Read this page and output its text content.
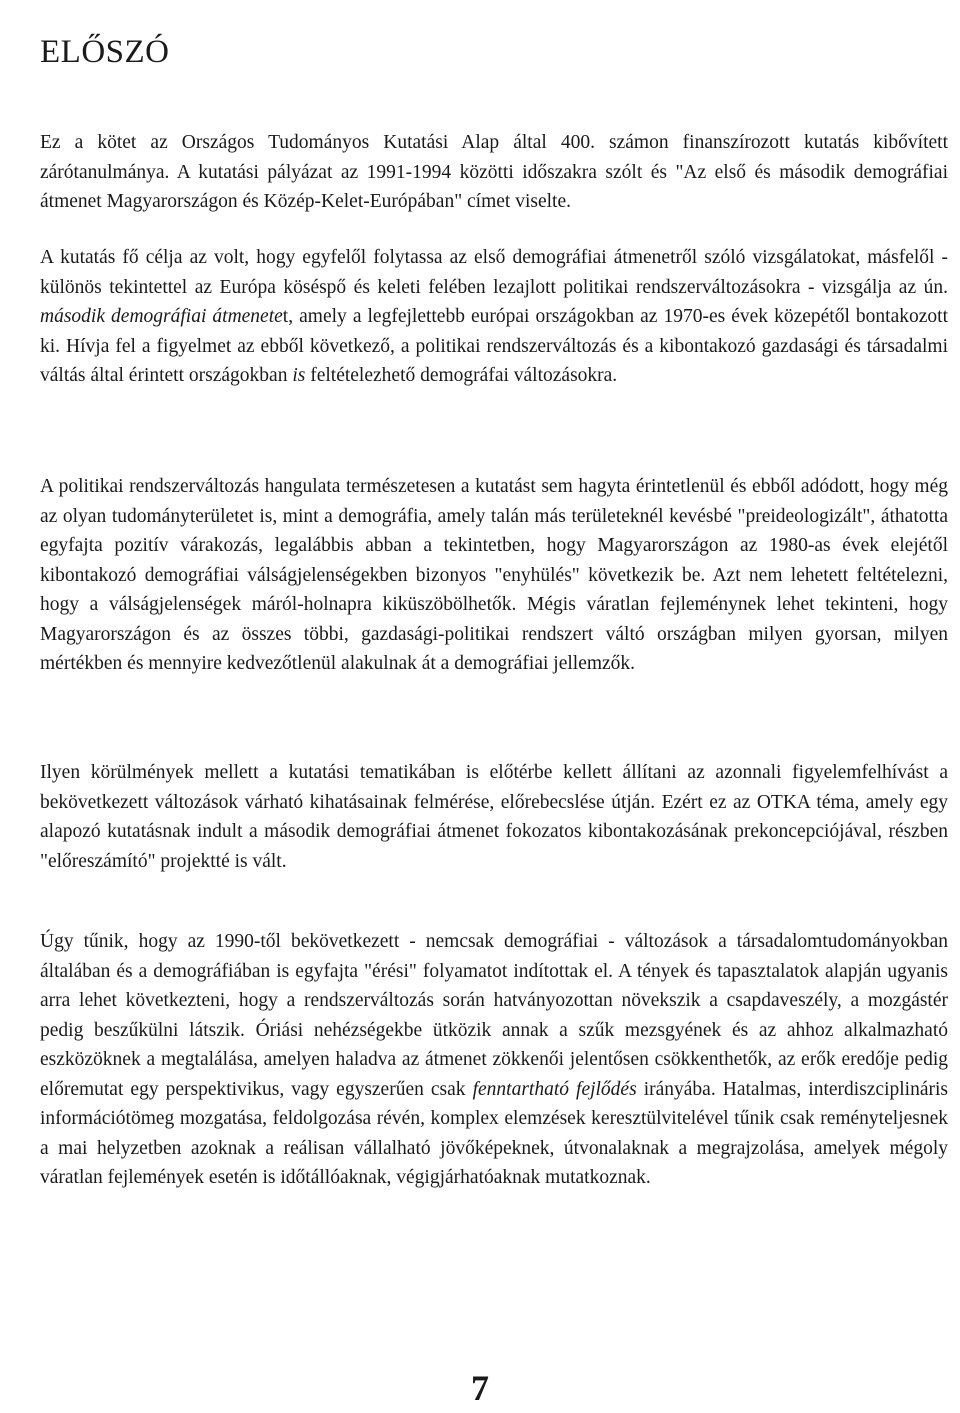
ELŐSZÓ

Ez a kötet az Országos Tudományos Kutatási Alap által 400. számon finanszírozott kutatás kibővített zárótanulmánya. A kutatási pályázat az 1991-1994 közötti időszakra szólt és "Az első és második demográfiai átmenet Magyarországon és Közép-Kelet-Európában" címet viselte.

A kutatás fő célja az volt, hogy egyfelől folytassa az első demográfiai átmenetről szóló vizsgálatokat, másfelől - különös tekintettel az Európa köséspő és keleti felében lezajlott politikai rendszerváltozásokra - vizsgálja az ún. második demográfiai átmenetet, amely a legfejlettebb európai országokban az 1970-es évek közepétől bontakozott ki. Hívja fel a figyelmet az ebből következő, a politikai rendszerváltozás és a kibontakozó gazdasági és társadalmi váltás által érintett országokban is feltételezhető demográfai változásokra.

A politikai rendszerváltozás hangulata természetesen a kutatást sem hagyta érintetlenül és ebből adódott, hogy még az olyan tudományterületet is, mint a demográfia, amely talán más területeknél kevésbé "preideologizált", áthatotta egyfajta pozitív várakozás, legalábbis abban a tekintetben, hogy Magyarországon az 1980-as évek elejétől kibontakozó demográfiai válságjelenségekben bizonyos "enyhülés" következik be. Azt nem lehetett feltételezni, hogy a válságjelenségek máról-holnapra kiküszöbölhetők. Mégis váratlan fejleménynek lehet tekinteni, hogy Magyarországon és az összes többi, gazdasági-politikai rendszert váltó országban milyen gyorsan, milyen mértékben és mennyire kedvezőtlenül alakulnak át a demográfiai jellemzők.

Ilyen körülmények mellett a kutatási tematikában is előtérbe kellett állítani az azonnali figyelemfelhívást a bekövetkezett változások várható kihatásainak felmérése, előrebecslése útján. Ezért ez az OTKA téma, amely egy alapozó kutatásnak indult a második demográfiai átmenet fokozatos kibontakozásának prekoncepciójával, részben "előreszámító" projektté is vált.

Úgy tűnik, hogy az 1990-től bekövetkezett - nemcsak demográfiai - változások a társadalomtudományokban általában és a demográfiában is egyfajta "érési" folyamatot indítottak el. A tények és tapasztalatok alapján ugyanis arra lehet következteni, hogy a rendszerváltozás során hatványozottan növekszik a csapdaveszély, a mozgástér pedig beszűkülni látszik. Óriási nehézségekbe ütközik annak a szűk mezsgyének és az ahhoz alkalmazható eszközöknek a megtalálása, amelyen haladva az átmenet zökkenői jelentősen csökkenthetők, az erők eredője pedig előremutat egy perspektivikus, vagy egyszerűen csak fenntartható fejlődés irányába. Hatalmas, interdiszciplináris információtömeg mozgatása, feldolgozása révén, komplex elemzések keresztülvitelével tűnik csak reményteljesnek a mai helyzetben azoknak a reálisan vállalható jövőképeknek, útvonalaknak a megrajzolása, amelyek mégoly váratlan fejlemények esetén is időtállóaknak, végigjárhatóaknak mutatkoznak.

7
